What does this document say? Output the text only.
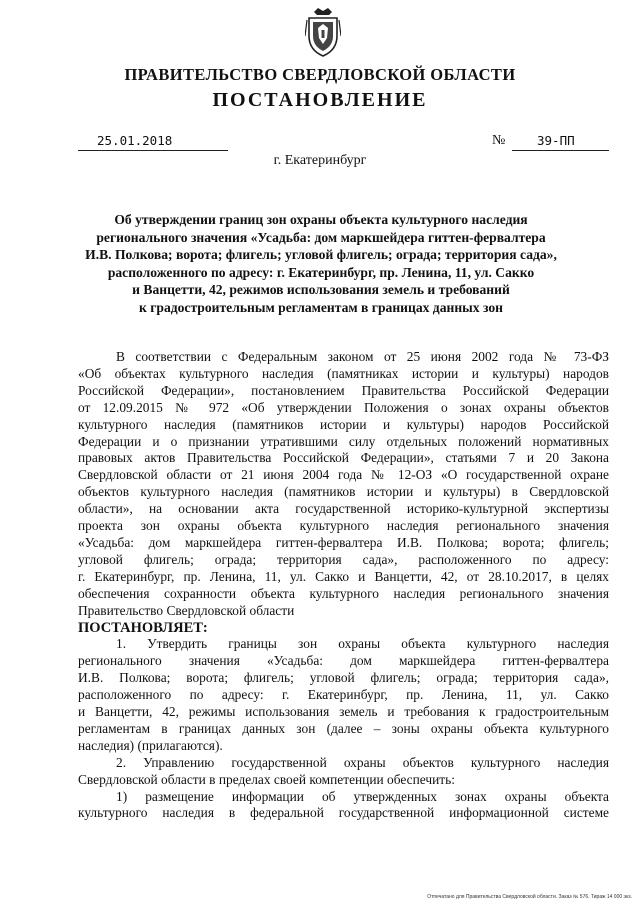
ПРАВИТЕЛЬСТВО СВЕРДЛОВСКОЙ ОБЛАСТИ
ПОСТАНОВЛЕНИЕ
25.01.2018	№	39-ПП
г. Екатеринбург
Об утверждении границ зон охраны объекта культурного наследия
регионального значения «Усадьба: дом маркшейдера гиттен-фервалтера
И.В. Полкова; ворота; флигель; угловой флигель; ограда; территория сада»,
расположенного по адресу: г. Екатеринбург, пр. Ленина, 11, ул. Сакко
и Ванцетти, 42, режимов использования земель и требований
к градостроительным регламентам в границах данных зон
В соответствии с Федеральным законом от 25 июня 2002 года № 73-ФЗ
«Об объектах культурного наследия (памятниках истории и культуры) народов
Российской Федерации», постановлением Правительства Российской Федерации
от 12.09.2015 № 972 «Об утверждении Положения о зонах охраны объектов
культурного наследия (памятников истории и культуры) народов Российской
Федерации и о признании утратившими силу отдельных положений нормативных
правовых актов Правительства Российской Федерации», статьями 7 и 20 Закона
Свердловской области от 21 июня 2004 года № 12-ОЗ «О государственной охране
объектов культурного наследия (памятников истории и культуры) в Свердловской
области», на основании акта государственной историко-культурной экспертизы
проекта зон охраны объекта культурного наследия регионального значения
«Усадьба: дом маркшейдера гиттен-фервалтера И.В. Полкова; ворота; флигель;
угловой флигель; ограда; территория сада», расположенного по адресу:
г. Екатеринбург, пр. Ленина, 11, ул. Сакко и Ванцетти, 42, от 28.10.2017, в целях
обеспечения сохранности объекта культурного наследия регионального значения
Правительство Свердловской области
ПОСТАНОВЛЯЕТ:
1. Утвердить границы зон охраны объекта культурного наследия
регионального значения «Усадьба: дом маркшейдера гиттен-фервалтера
И.В. Полкова; ворота; флигель; угловой флигель; ограда; территория сада»,
расположенного по адресу: г. Екатеринбург, пр. Ленина, 11, ул. Сакко
и Ванцетти, 42, режимы использования земель и требования к градостроительным
регламентам в границах данных зон (далее – зоны охраны объекта культурного
наследия) (прилагаются).
2. Управлению государственной охраны объектов культурного наследия
Свердловской области в пределах своей компетенции обеспечить:
1) размещение информации об утвержденных зонах охраны объекта
культурного наследия в федеральной государственной информационной системе
Отпечатано для Правительства Свердловской области. Заказ № 576. Тираж 14 000 экз.
